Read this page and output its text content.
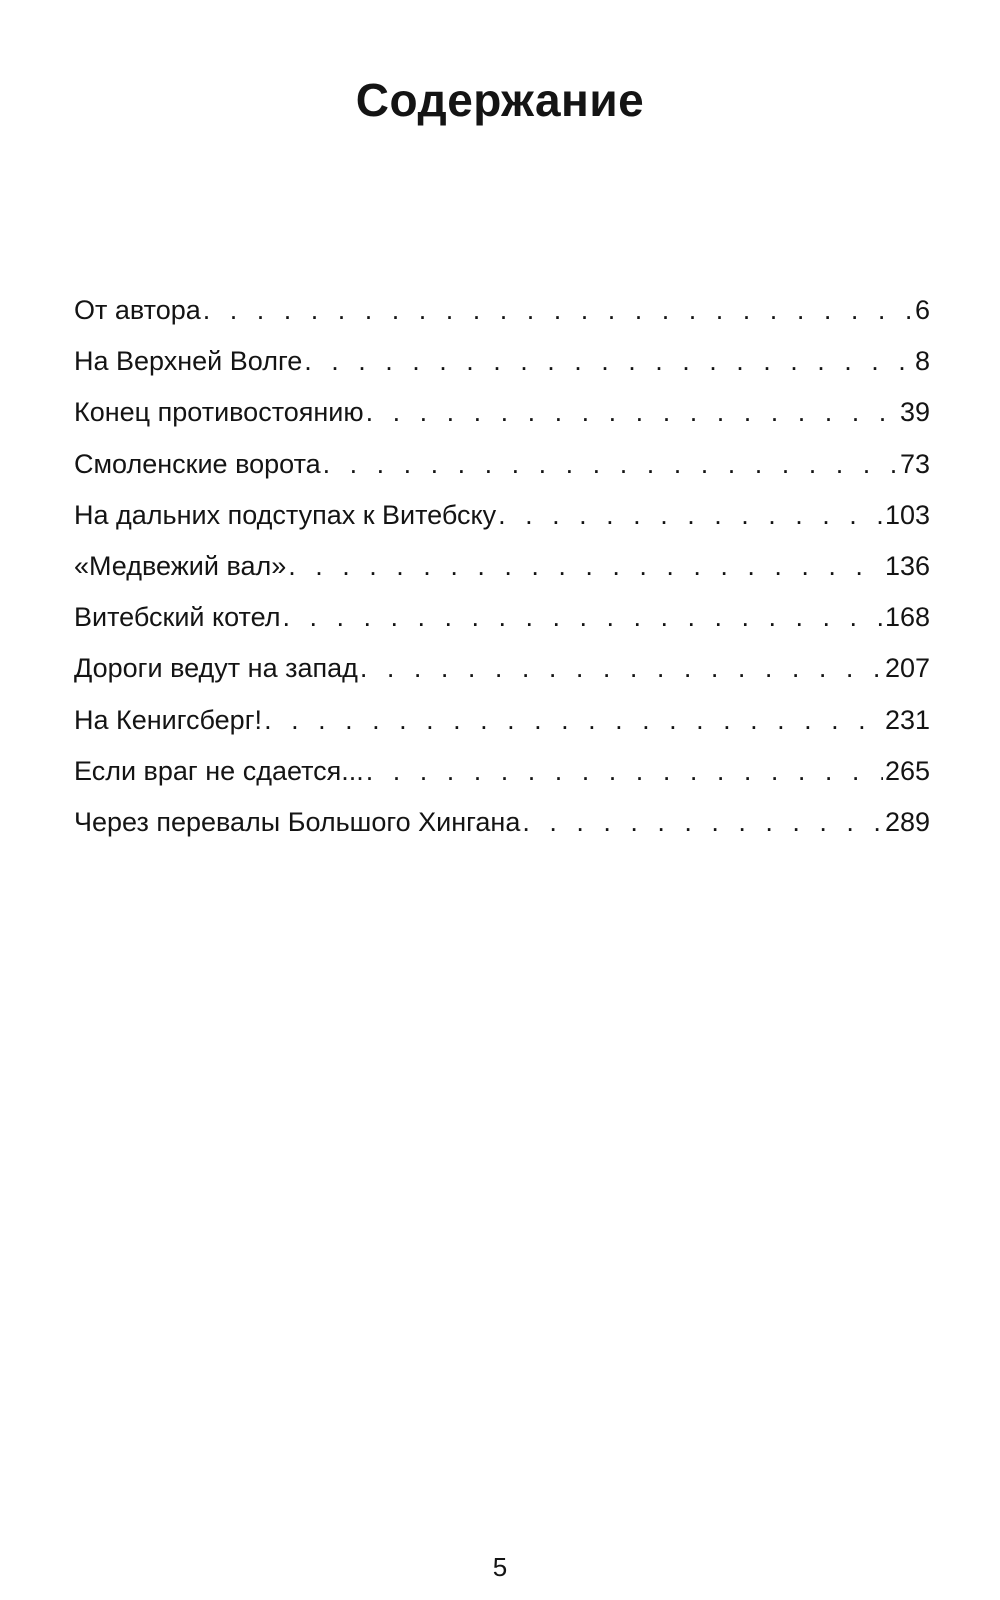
Содержание
От автора . . .	6
На Верхней Волге . . .	8
Конец противостоянию . . .	39
Смоленские ворота . . .	73
На дальних подступах к Витебску . . .	103
«Медвежий вал» . . .	136
Витебский котел . . .	168
Дороги ведут на запад . . .	207
На Кенигсберг! . . .	231
Если враг не сдается... . . .	265
Через перевалы Большого Хингана . . .	289
5
